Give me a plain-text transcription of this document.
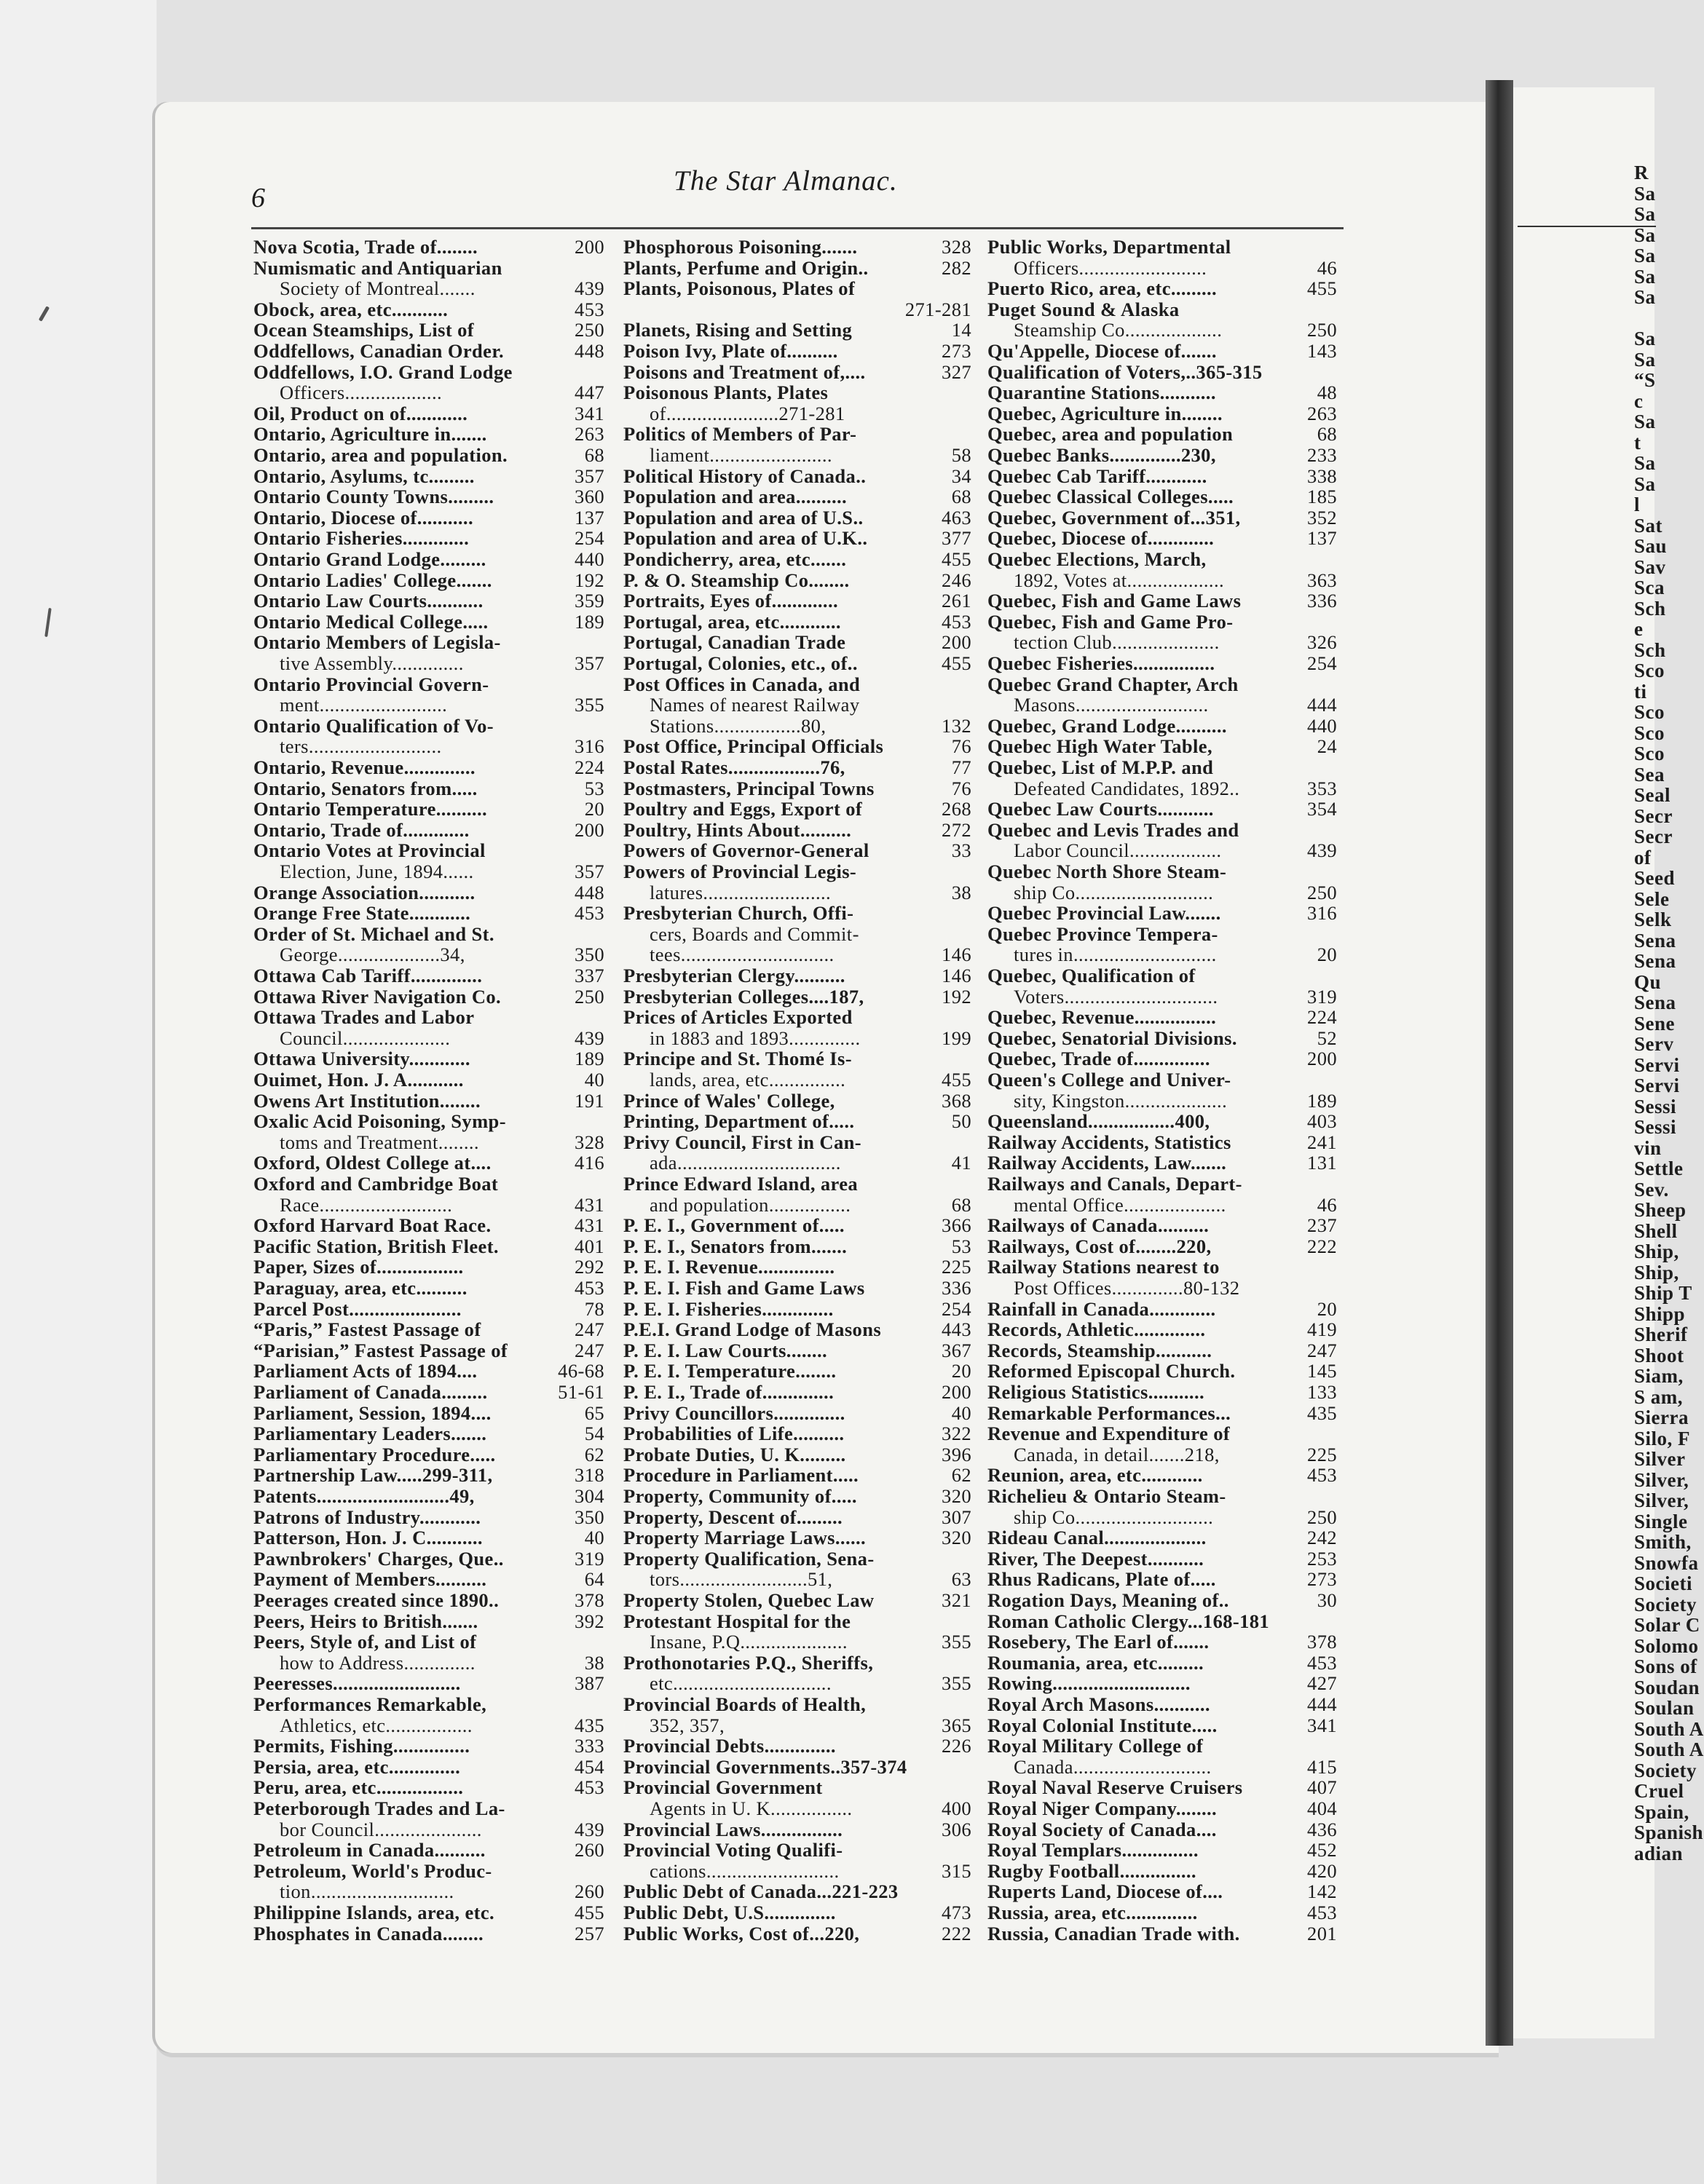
R
Sa
Sa
Sa
Sa
Sa
Sa
Sa
Sa
“S
c
Sa
t
Sa
Sa
l
Sat
Sau
Sav
Sca
Sch
e
Sch
Sco
ti
Sco
Sco
Sco
Sea
Seal
Secr
Secr
of
Seed
Sele
Selk
Sena
Sena
Qu
Sena
Sene
Serv
Servi
Servi
Sessi
Sessi
vin
Settle
Sev.
Sheep
Shell
Ship,
Ship,
Ship T
Shipp
Sherif
Shoot
Siam,
S am,
Sierra
Silo, F
Silver
Silver,
Silver,
Single
Smith,
Snowfa
Societi
Society
Solar C
Solomo
Sons of
Soudan
Soulan
South A
South A
Society
Cruel
Spain,
Spanish
adian
6
The Star Almanac.
Nova Scotia, Trade of........	200
Numismatic and Antiquarian
Society of Montreal.......	439
Obock, area, etc...........	453
Ocean Steamships, List of	250
Oddfellows, Canadian Order.	448
Oddfellows, I.O. Grand Lodge
Officers...................	447
Oil, Product on of............	341
Ontario, Agriculture in.......	263
Ontario, area and population.	68
Ontario, Asylums, tc.........	357
Ontario County Towns.........	360
Ontario, Diocese of...........	137
Ontario Fisheries.............	254
Ontario Grand Lodge.........	440
Ontario Ladies' College.......	192
Ontario Law Courts...........	359
Ontario Medical College.....	189
Ontario Members of Legisla-
tive Assembly..............	357
Ontario Provincial Govern-
ment.........................	355
Ontario Qualification of Vo-
ters..........................	316
Ontario, Revenue..............	224
Ontario, Senators from.....	53
Ontario Temperature..........	20
Ontario, Trade of.............	200
Ontario Votes at Provincial
Election, June, 1894......	357
Orange Association...........	448
Orange Free State............	453
Order of St. Michael and St.
George....................34,	350
Ottawa Cab Tariff..............	337
Ottawa River Navigation Co.	250
Ottawa Trades and Labor
Council.....................	439
Ottawa University............	189
Ouimet, Hon. J. A...........	40
Owens Art Institution........	191
Oxalic Acid Poisoning, Symp-
toms and Treatment........	328
Oxford, Oldest College at....	416
Oxford and Cambridge Boat
Race..........................	431
Oxford Harvard Boat Race.	431
Pacific Station, British Fleet.	401
Paper, Sizes of.................	292
Paraguay, area, etc..........	453
Parcel Post......................	78
“Paris,” Fastest Passage of	247
“Parisian,” Fastest Passage of	247
Parliament Acts of 1894....	46-68
Parliament of Canada.........	51-61
Parliament, Session, 1894....	65
Parliamentary Leaders.......	54
Parliamentary Procedure.....	62
Partnership Law.....299-311,	318
Patents..........................49,	304
Patrons of Industry............	350
Patterson, Hon. J. C...........	40
Pawnbrokers' Charges, Que..	319
Payment of Members..........	64
Peerages created since 1890..	378
Peers, Heirs to British.......	392
Peers, Style of, and List of
how to Address..............	38
Peeresses.........................	387
Performances Remarkable,
Athletics, etc.................	435
Permits, Fishing...............	333
Persia, area, etc..............	454
Peru, area, etc.................	453
Peterborough Trades and La-
bor Council.....................	439
Petroleum in Canada..........	260
Petroleum, World's Produc-
tion............................	260
Philippine Islands, area, etc.	455
Phosphates in Canada........	257
Phosphorous Poisoning.......	328
Plants, Perfume and Origin..	282
Plants, Poisonous, Plates of
271-281
Planets, Rising and Setting	14
Poison Ivy, Plate of..........	273
Poisons and Treatment of,....	327
Poisonous Plants, Plates
of......................271-281
Politics of Members of Par-
liament........................	58
Political History of Canada..	34
Population and area..........	68
Population and area of U.S..	463
Population and area of U.K..	377
Pondicherry, area, etc.......	455
P. & O. Steamship Co........	246
Portraits, Eyes of.............	261
Portugal, area, etc............	453
Portugal, Canadian Trade	200
Portugal, Colonies, etc., of..	455
Post Offices in Canada, and
Names of nearest Railway
Stations.................80,	132
Post Office, Principal Officials	76
Postal Rates..................76,	77
Postmasters, Principal Towns	76
Poultry and Eggs, Export of	268
Poultry, Hints About..........	272
Powers of Governor-General	33
Powers of Provincial Legis-
latures.........................	38
Presbyterian Church, Offi-
cers, Boards and Commit-
tees..............................	146
Presbyterian Clergy..........	146
Presbyterian Colleges....187,	192
Prices of Articles Exported
in 1883 and 1893..............	199
Principe and St. Thomé Is-
lands, area, etc...............	455
Prince of Wales' College,	368
Printing, Department of.....	50
Privy Council, First in Can-
ada................................	41
Prince Edward Island, area
and population................	68
P. E. I., Government of.....	366
P. E. I., Senators from.......	53
P. E. I. Revenue...............	225
P. E. I. Fish and Game Laws	336
P. E. I. Fisheries..............	254
P.E.I. Grand Lodge of Masons	443
P. E. I. Law Courts........	367
P. E. I. Temperature........	20
P. E. I., Trade of..............	200
Privy Councillors..............	40
Probabilities of Life..........	322
Probate Duties, U. K.........	396
Procedure in Parliament.....	62
Property, Community of.....	320
Property, Descent of.........	307
Property Marriage Laws......	320
Property Qualification, Sena-
tors.........................51,	63
Property Stolen, Quebec Law	321
Protestant Hospital for the
Insane, P.Q.....................	355
Prothonotaries P.Q., Sheriffs,
etc...............................	355
Provincial Boards of Health,
352, 357,	365
Provincial Debts..............	226
Provincial Governments..357-374
Provincial Government
Agents in U. K................	400
Provincial Laws................	306
Provincial Voting Qualifi-
cations..........................	315
Public Debt of Canada...221-223
Public Debt, U.S..............	473
Public Works, Cost of...220,	222
Public Works, Departmental
Officers.........................	46
Puerto Rico, area, etc.........	455
Puget Sound & Alaska
Steamship Co...................	250
Qu'Appelle, Diocese of.......	143
Qualification of Voters,..365-315
Quarantine Stations...........	48
Quebec, Agriculture in........	263
Quebec, area and population	68
Quebec Banks..............230,	233
Quebec Cab Tariff............	338
Quebec Classical Colleges.....	185
Quebec, Government of...351,	352
Quebec, Diocese of.............	137
Quebec Elections, March,
1892, Votes at...................	363
Quebec, Fish and Game Laws	336
Quebec, Fish and Game Pro-
tection Club.....................	326
Quebec Fisheries................	254
Quebec Grand Chapter, Arch
Masons..........................	444
Quebec, Grand Lodge..........	440
Quebec High Water Table,	24
Quebec, List of M.P.P. and
Defeated Candidates, 1892..	353
Quebec Law Courts...........	354
Quebec and Levis Trades and
Labor Council..................	439
Quebec North Shore Steam-
ship Co...........................	250
Quebec Provincial Law.......	316
Quebec Province Tempera-
tures in............................	20
Quebec, Qualification of
Voters..............................	319
Quebec, Revenue................	224
Quebec, Senatorial Divisions.	52
Quebec, Trade of...............	200
Queen's College and Univer-
sity, Kingston....................	189
Queensland.................400,	403
Railway Accidents, Statistics	241
Railway Accidents, Law.......	131
Railways and Canals, Depart-
mental Office....................	46
Railways of Canada..........	237
Railways, Cost of........220,	222
Railway Stations nearest to
Post Offices..............80-132
Rainfall in Canada.............	20
Records, Athletic..............	419
Records, Steamship...........	247
Reformed Episcopal Church.	145
Religious Statistics...........	133
Remarkable Performances...	435
Revenue and Expenditure of
Canada, in detail.......218,	225
Reunion, area, etc............	453
Richelieu & Ontario Steam-
ship Co...........................	250
Rideau Canal....................	242
River, The Deepest...........	253
Rhus Radicans, Plate of.....	273
Rogation Days, Meaning of..	30
Roman Catholic Clergy...168-181
Rosebery, The Earl of.......	378
Roumania, area, etc.........	453
Rowing...........................	427
Royal Arch Masons...........	444
Royal Colonial Institute.....	341
Royal Military College of
Canada...........................	415
Royal Naval Reserve Cruisers	407
Royal Niger Company........	404
Royal Society of Canada....	436
Royal Templars...............	452
Rugby Football...............	420
Ruperts Land, Diocese of....	142
Russia, area, etc..............	453
Russia, Canadian Trade with.	201
